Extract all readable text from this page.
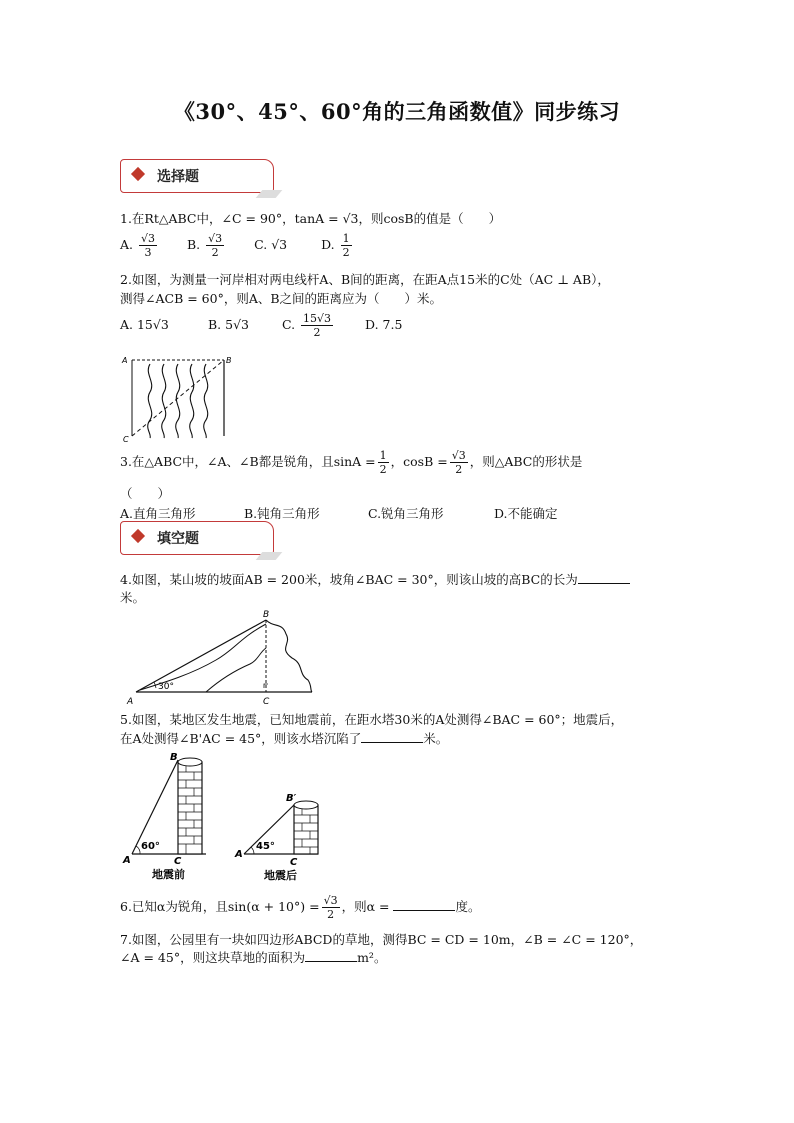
《30°、45°、60°角的三角函数值》同步练习
选择题
1.在Rt△ABC中，∠C = 90°，tanA = √3，则cosB的值是（　　）
A. $\frac{√3}{3} B$. $\frac{√3}{2} C$. √3	D. $\frac{1}{2}$
2.如图，为测量一河岸相对两电线杆A、B间的距离，在距A点15米的C处（AC ⊥ AB），
测得∠ACB = 60°，则A、B之间的距离应为（　　）米。
A. 15√3	B. 5√3	C. $\frac{15√3}{2}$	D. 7.5
A	B
C
3.在△ABC中，∠A、∠B都是锐角，且$\sin A = \frac{1}{2}$ ，$\cos B = \frac{√3}{2}$ ，则△ABC的形状是
（　　）
A.直角三角形	B.钝角三角形	C.锐角三角形	D.不能确定
填空题
4.如图，某山坡的坡面AB = 200米，坡角∠BAC = 30°，则该山坡的高BC的长为
米。
A
B
C
30°
5.如图，某地区发生地震，已知地震前，在距水塔30米的A处测得∠BAC = 60°；地震后，
在A处测得∠B'AC = 45°，则该水塔沉陷了	米。
A
B
C
60°
地震前
A
B′
C
45°
地震后
6.已知α为锐角，且$\sin(\alpha + 10^\circ) = \frac{√3}{2}$ ，则α =	度。
7.如图，公园里有一块如四边形ABCD的草地，测得BC = CD = 10m，∠B = ∠C = 120°，
∠A = 45°，则这块草地的面积为	m²。
